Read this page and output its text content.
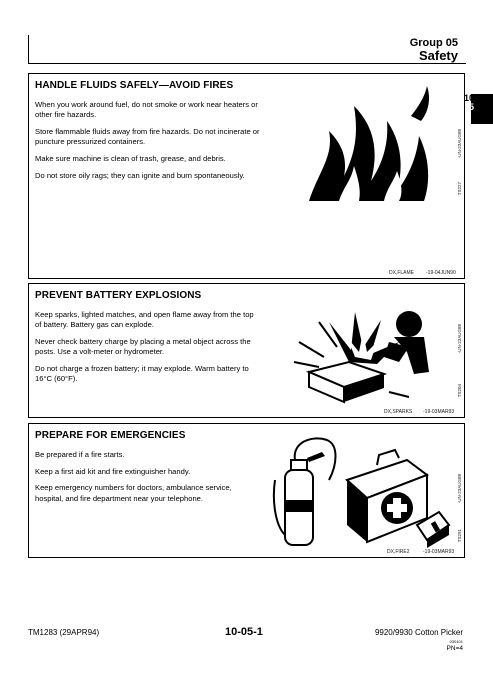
Group 05
Safety
10
05
1
HANDLE FLUIDS SAFELY—AVOID FIRES

When you work around fuel, do not smoke or work near heaters or other fire hazards.

Store flammable fluids away from fire hazards. Do not incinerate or puncture pressurized containers.

Make sure machine is clean of trash, grease, and debris.

Do not store oily rags; they can ignite and burn spontaneously.

-UN-23AUG88
TS227
DX,FLAME -19-04JUN90
PREVENT BATTERY EXPLOSIONS

Keep sparks, lighted matches, and open flame away from the top of battery. Battery gas can explode.

Never check battery charge by placing a metal object across the posts. Use a volt-meter or hydrometer.

Do not charge a frozen battery; it may explode. Warm battery to 16°C (60°F).

-UN-23AUG88
TS204
DX,SPARKS -19-03MAR93
PREPARE FOR EMERGENCIES

Be prepared if a fire starts.

Keep a first aid kit and fire extinguisher handy.

Keep emergency numbers for doctors, ambulance service, hospital, and fire department near your telephone.	-UN-23AUG88
TS291
DX,FIRE2	-19-03MAR93
TM1283 (29APR94)	10-05-1	9920/9930 Cotton Picker
030101
PN=4
